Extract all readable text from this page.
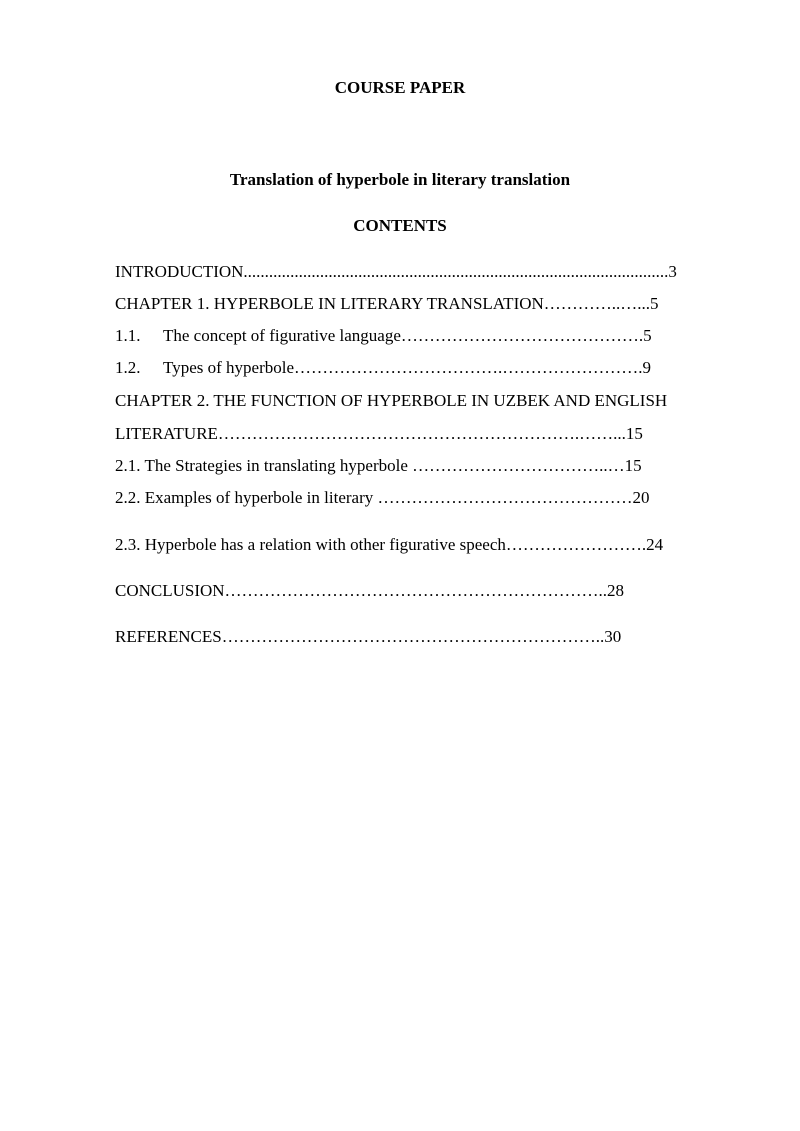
COURSE PAPER

Translation of hyperbole in literary translation

CONTENTS

INTRODUCTION....................................................................................................3

CHAPTER 1. HYPERBOLE IN LITERARY TRANSLATION…………..…...5

1.1. The concept of figurative language…………………………………….5

1.2. Types of hyperbole……………………………….…………………….9

CHAPTER 2. THE FUNCTION OF HYPERBOLE IN UZBEK AND ENGLISH

LITERATURE……………………………………………………….……...15

2.1. The Strategies in translating hyperbole ……………………………..…15

2.2. Examples of hyperbole in literary ………………………………………20

2.3. Hyperbole has a relation with other figurative speech…………………….24

CONCLUSION…………………………………………………………..28

REFERENCES…………………………………………………………..30
